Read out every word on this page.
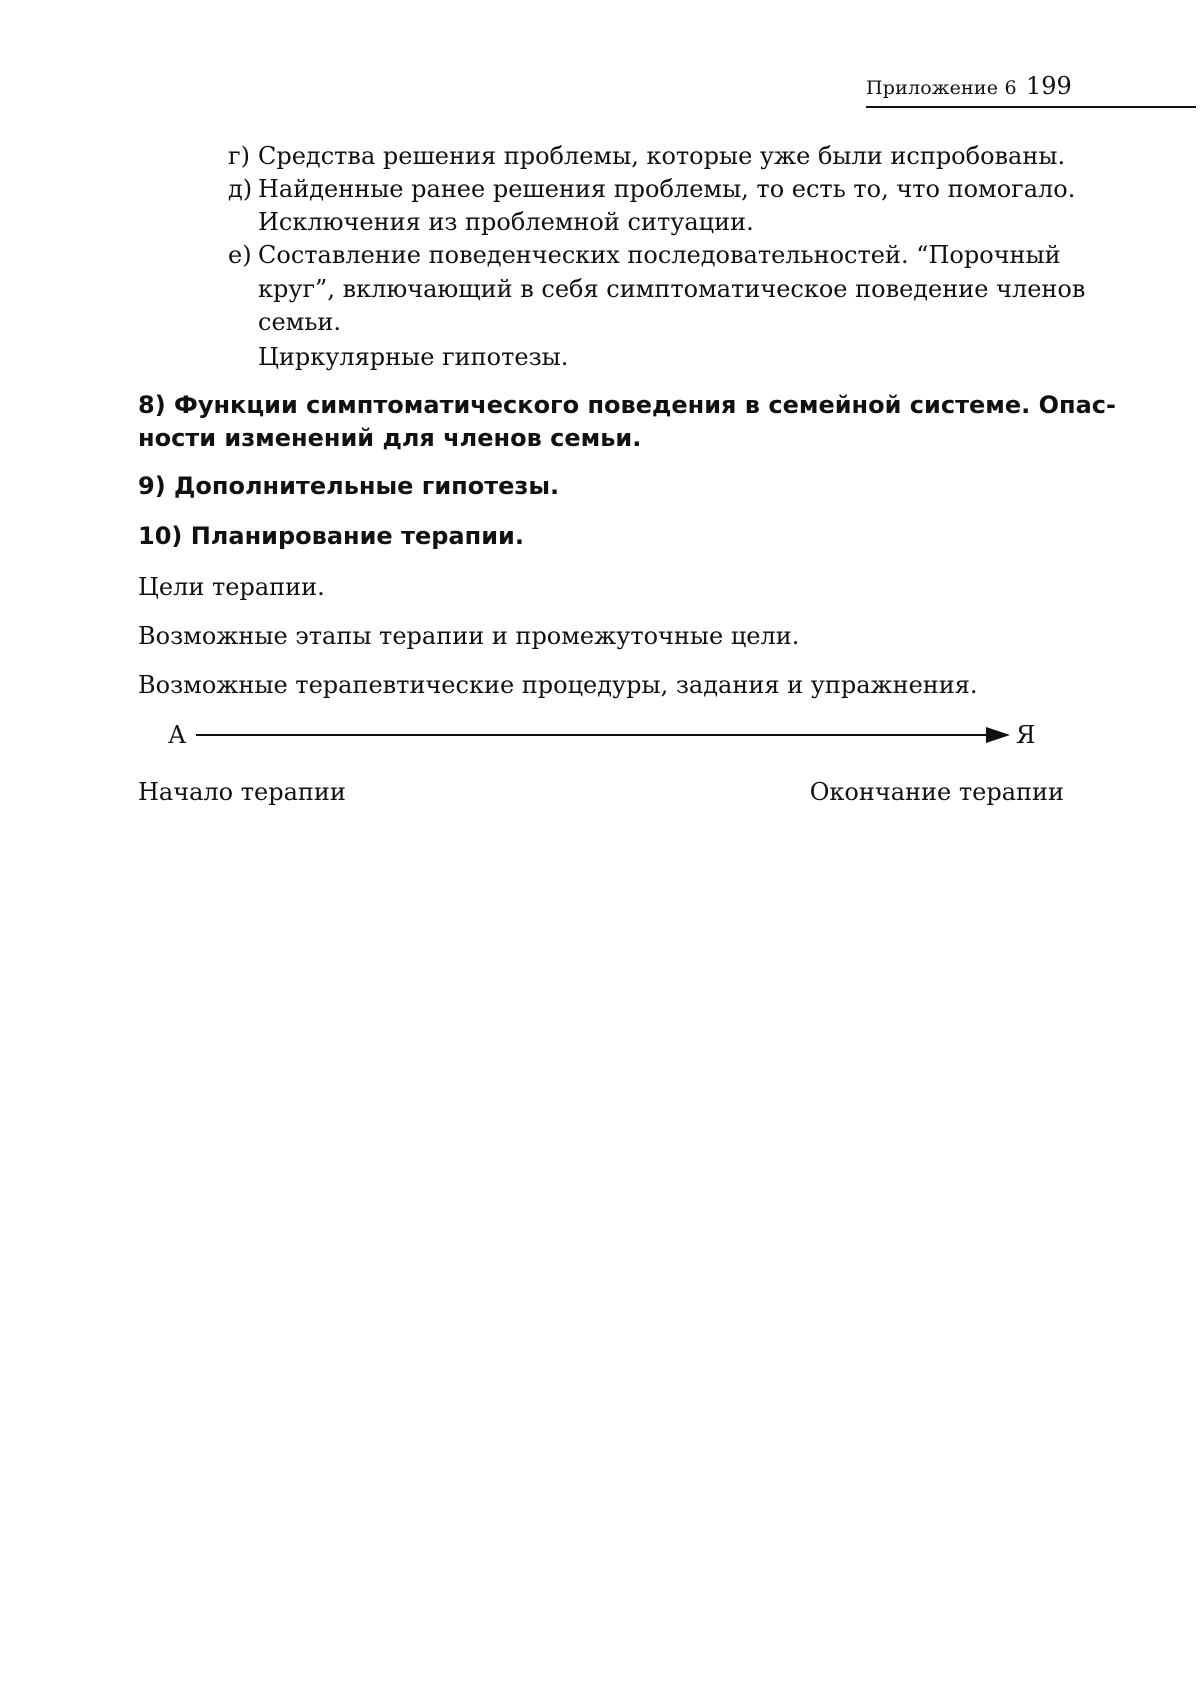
Приложение 6 199
г) Средства решения проблемы, которые уже были испробованы.
д) Найденные ранее решения проблемы, то есть то, что помогало.
Исключения из проблемной ситуации.
е) Составление поведенческих последовательностей. “Порочный
круг”, включающий в себя симптоматическое поведение членов
семьи.
Циркулярные гипотезы.
8) Функции симптоматического поведения в семейной системе. Опас-
ности изменений для членов семьи.
9) Дополнительные гипотезы.
10) Планирование терапии.
Цели терапии.
Возможные этапы терапии и промежуточные цели.
Возможные терапевтические процедуры, задания и упражнения.
А	Я
Начало терапии	Окончание терапии
